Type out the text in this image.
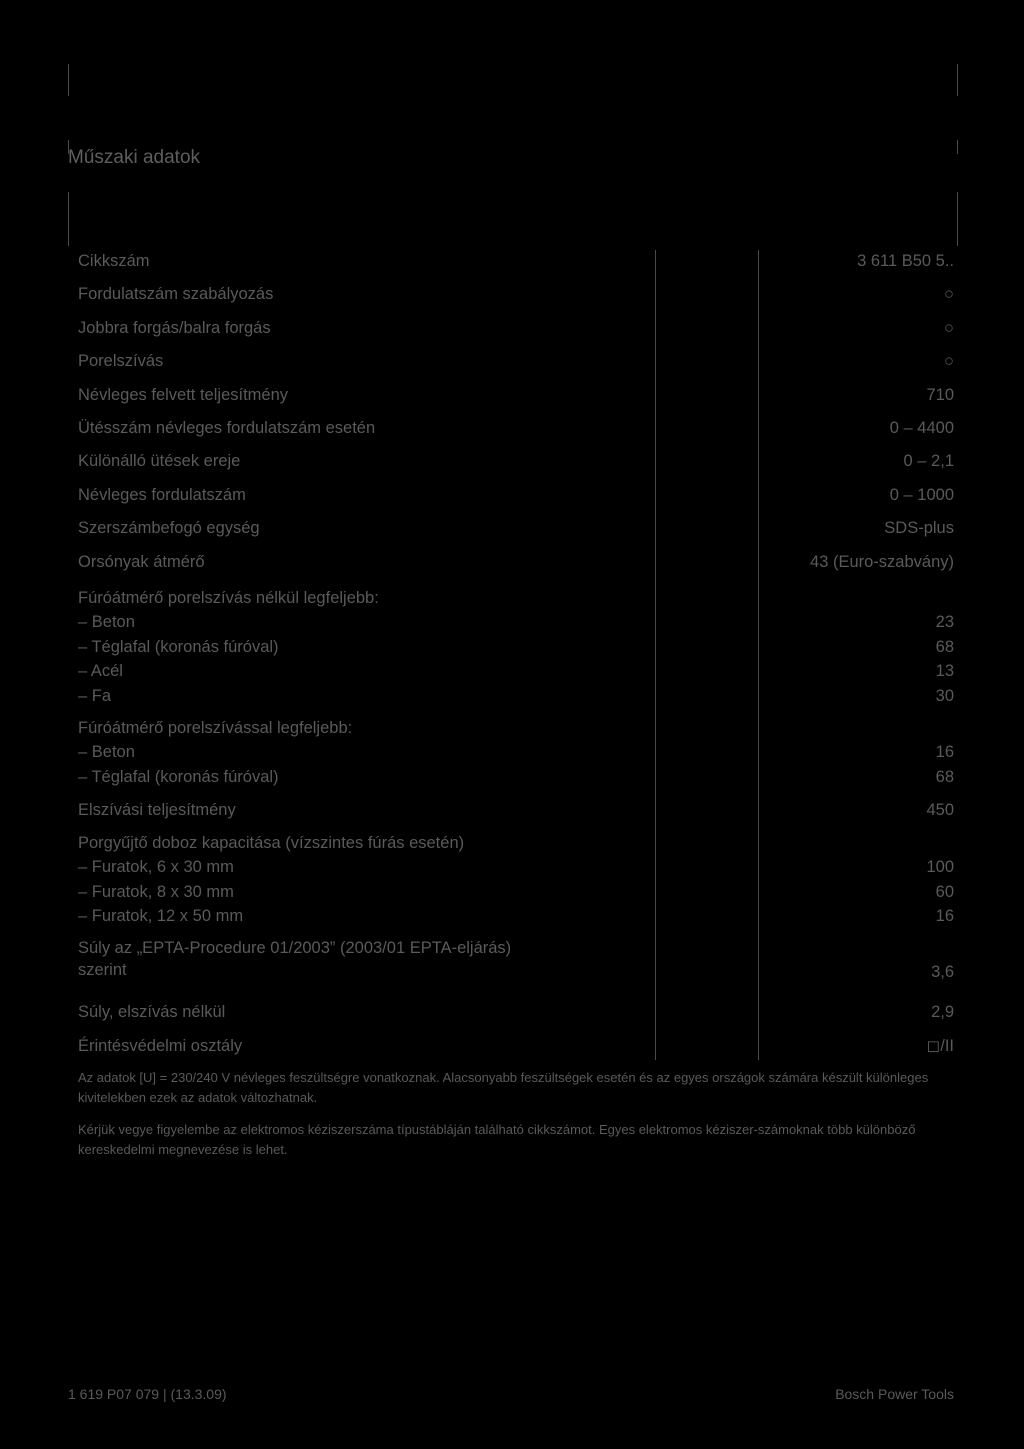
Műszaki adatok
Cikkszám	3 611 B50 5..
Fordulatszám szabályozás	○
Jobbra forgás/balra forgás	○
Porelszívás	○
Névleges felvett teljesítmény	710
Ütésszám névleges fordulatszám esetén	0 – 4400
Különálló ütések ereje	0 – 2,1
Névleges fordulatszám	0 – 1000
Szerszámbefogó egység	SDS-plus
Orsónyak átmérő	43 (Euro-szabvány)
Fúróátmérő porelszívás nélkül legfeljebb:
– Beton	23
– Téglafal (koronás fúróval)	68
– Acél	13
– Fa	30
Fúróátmérő porelszívással legfeljebb:
– Beton	16
– Téglafal (koronás fúróval)	68
Elszívási teljesítmény	450
Porgyűjtő doboz kapacitása (vízszintes fúrás esetén)
– Furatok, 6 x 30 mm	100
– Furatok, 8 x 30 mm	60
– Furatok, 12 x 50 mm	16
Súly az „EPTA-Procedure 01/2003” (2003/01 EPTA-eljárás)
szerint	3,6
Súly, elszívás nélkül	2,9
Érintésvédelmi osztály	◻/II

Az adatok [U] = 230/240 V névleges feszültségre vonatkoznak. Alacsonyabb feszültségek esetén és az egyes országok számára készült különleges kivitelekben ezek az adatok változhatnak.

Kérjük vegye figyelembe az elektromos kéziszerszáma típustábláján található cikkszámot. Egyes elektromos kéziszer-számoknak több különböző kereskedelmi megnevezése is lehet.

1 619 P07 079 | (13.3.09)	Bosch Power Tools
